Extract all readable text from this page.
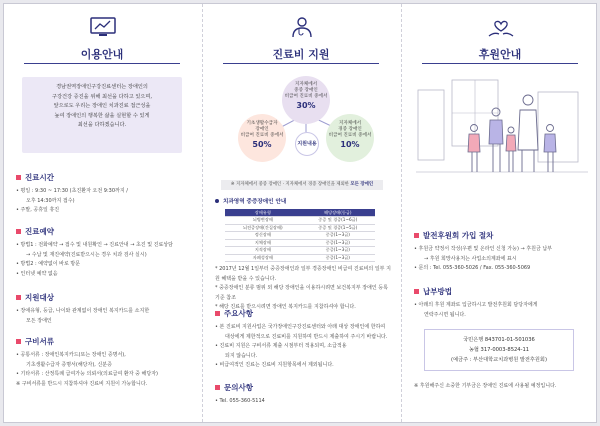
이용안내
경남권역장애인구강진료센터는 장애인의
구강건강 증진을 위해 최선을 다하고 있으며,
앞으로도 우리는 장애인 치과진료 접근성을
높여 장애인의 행복한 삶을 실현할 수 있게
최선을 다하겠습니다.
진료시간

• 평일 : 9:30 ~ 17:30 (초진환자 오전 9:30까지 /

오후 14:30까지 접수)

• 주말, 공휴일 휴진

진료예약

• 방법1 : 전화예약 → 접수 및 내원확인 → 진료안내 → 초진 및 진료상담

→ 수납 및 재진예약(진료받으시는 경우 치과 검사 실시)

• 방법2 : 예약없이 바로 방문

• 인터넷 예약 없음

지원대상

• 장애유형, 등급, 나이와 관계없이 장애인 복지카드를 소지한

모든 장애인

구비서류

• 공통서류 : 장애인복지카드(또는 장애인 증명서),

기초생활수급자 증명서(해당자), 신분증

• 기타서류 : 산정특례 급여가능 의뢰서(의료급여 환자 중 해당자)

※ 구비서류를 반드시 지참하셔야 진료비 지원이 가능합니다.

진료비 지원
지자체에서
중증 장애인
비급여 진료비 중에서
30%
기초생활수급자
장애인
비급여 진료비 중에서
50%
지자체에서
경증 장애인
비급여 진료비 중에서
10%
지원내용
※ 지자체에서 중증 장애인 · 지자체에서 경증 장애인을 제외한 모든 장애인
치과영역 중증장애인 안내
장애유형	해당장애(등급)
뇌병변장애	중증 및 경증(1~6급)
뇌전증장애(간질장애)	중증 및 경증(1~5급)
정신장애	중증(1~3급)
지체장애	중증(1~3급)
지적장애	중증(1~3급)
자폐성장애	중증(1~3급)

* 2017년 12월 1일부터 중증장애인과 일부 경증장애인 비급여 진료비의 일부 지원 혜택을 받을 수 있습니다.

* 중증장애인 분류 범위 외 해당 장애인을 이용하시려면 보건복지부 장애인 등록 기준 참조

* 해당 진료를 받으시려면 장애인 복지카드를 지참하셔야 합니다.

주요사항

• 본 진료비 지원사업은 국가장애인구강진료센터와 아래 대상 장애인에 한하여

대상에게 제한적으로 진료비를 지원하며 반드시 제출하여 주시기 바랍니다.

• 진료비 지원은 구비서류 제출 시점부터 적용되며, 소급적용

되지 않습니다.

• 비급여적인 진료는 진료비 지원항목에서 제외됩니다.

문의사항

• Tel. 055-360-5114

후원안내
발전후원회 가입 절차

• 후원금 약정서 작성(우편 및 온라인 신청 가능) → 후원금 납부

→ 후원 희망사용처는 사업소의계좌에 표시

• 문의 : Tel. 055-360-5026 / Fax. 055-360-5069

납부방법

• 아래의 후원 계좌로 입금하시고 발전후원회 담당자에게

연락주시면 됩니다.

국민은행 843701-01-501036
농협 317-0003-8524-11
(예금주 : 부산대학교치과병원 발전후원회)

※ 후원해주신 소중한 기부금은 장애인 진료에 사용될 예정입니다.
